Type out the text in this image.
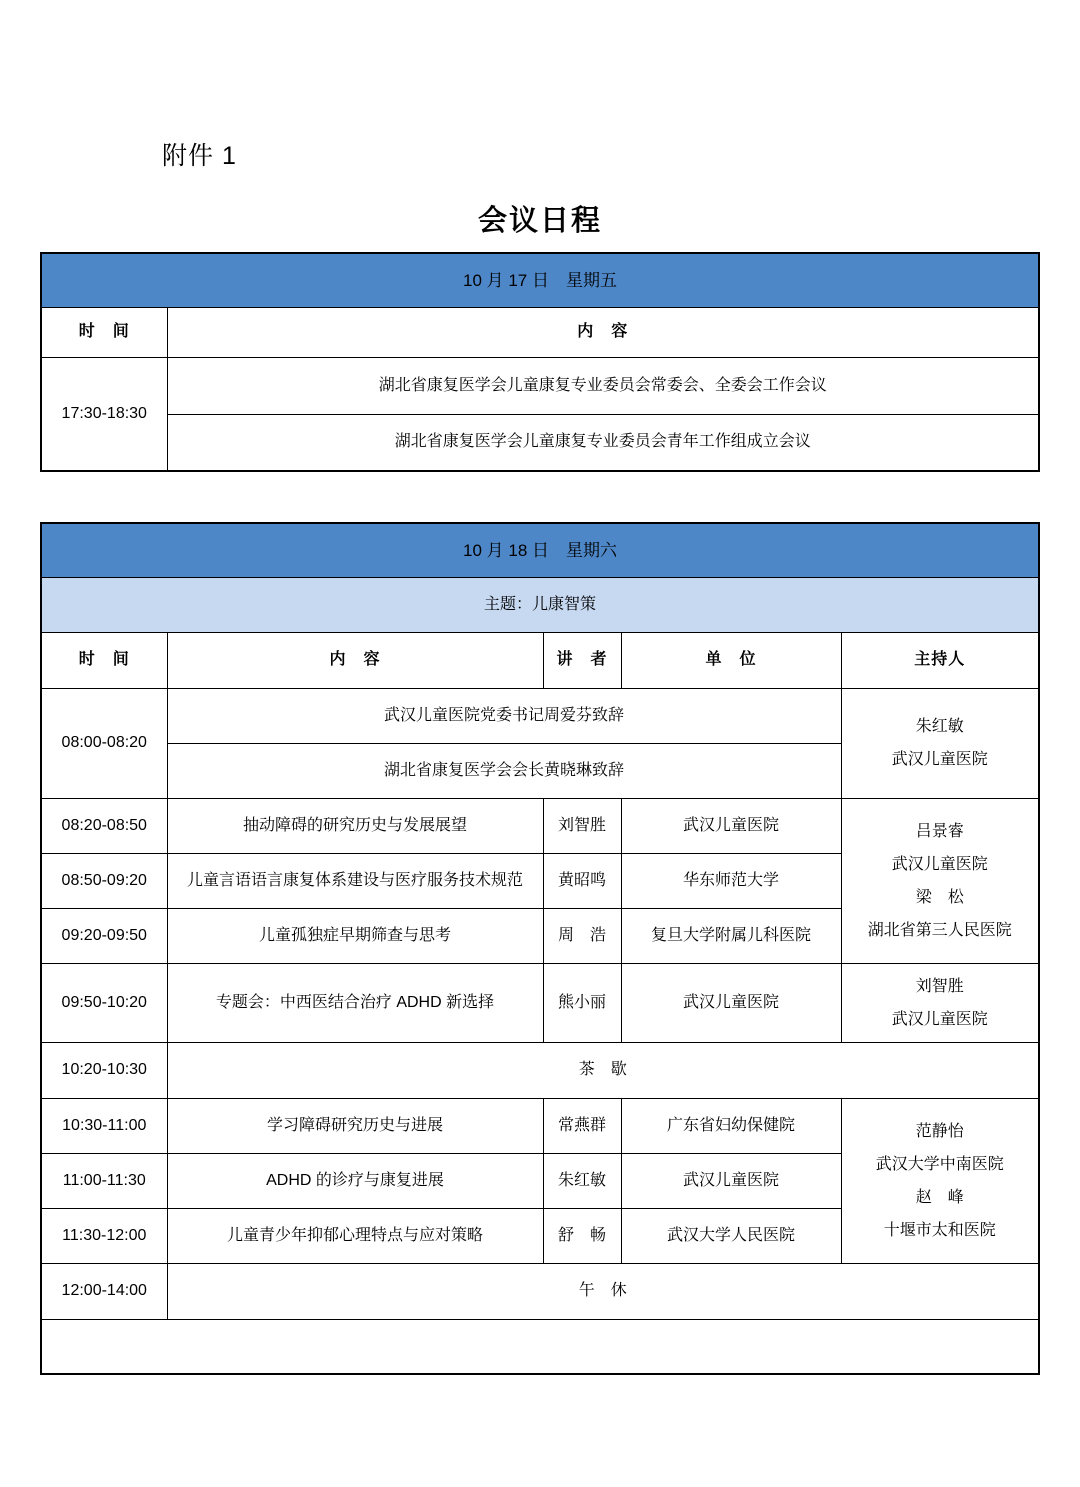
附件 1
会议日程
10 月 17 日　星期五	
时　间	内　容
17:30-18:30	湖北省康复医学会儿童康复专业委员会常委会、全委会工作会议
	湖北省康复医学会儿童康复专业委员会青年工作组成立会议
10 月 18 日　星期六				
主题：儿康智策				
时　间	内　容	讲　者	单　位	主持人
08:00-08:20	武汉儿童医院党委书记周爱芬致辞			朱红敏
武汉儿童医院

	湖北省康复医学会会长黄晓琳致辞			
08:20-08:50	抽动障碍的研究历史与发展展望	刘智胜	武汉儿童医院	吕景睿
武汉儿童医院
梁　松
湖北省第三人民医院

08:50-09:20	儿童言语语言康复体系建设与医疗服务技术规范	黄昭鸣	华东师范大学	
09:20-09:50	儿童孤独症早期筛查与思考	周　浩	复旦大学附属儿科医院	
09:50-10:20	专题会：中西医结合治疗 ADHD 新选择	熊小丽	武汉儿童医院	刘智胜
武汉儿童医院

10:20-10:30	茶　歇			
10:30-11:00	学习障碍研究历史与进展	常燕群	广东省妇幼保健院	范静怡
武汉大学中南医院
赵　峰
十堰市太和医院

11:00-11:30	ADHD 的诊疗与康复进展	朱红敏	武汉儿童医院	
11:30-12:00	儿童青少年抑郁心理特点与应对策略	舒　畅	武汉大学人民医院	
12:00-14:00	午　休			
